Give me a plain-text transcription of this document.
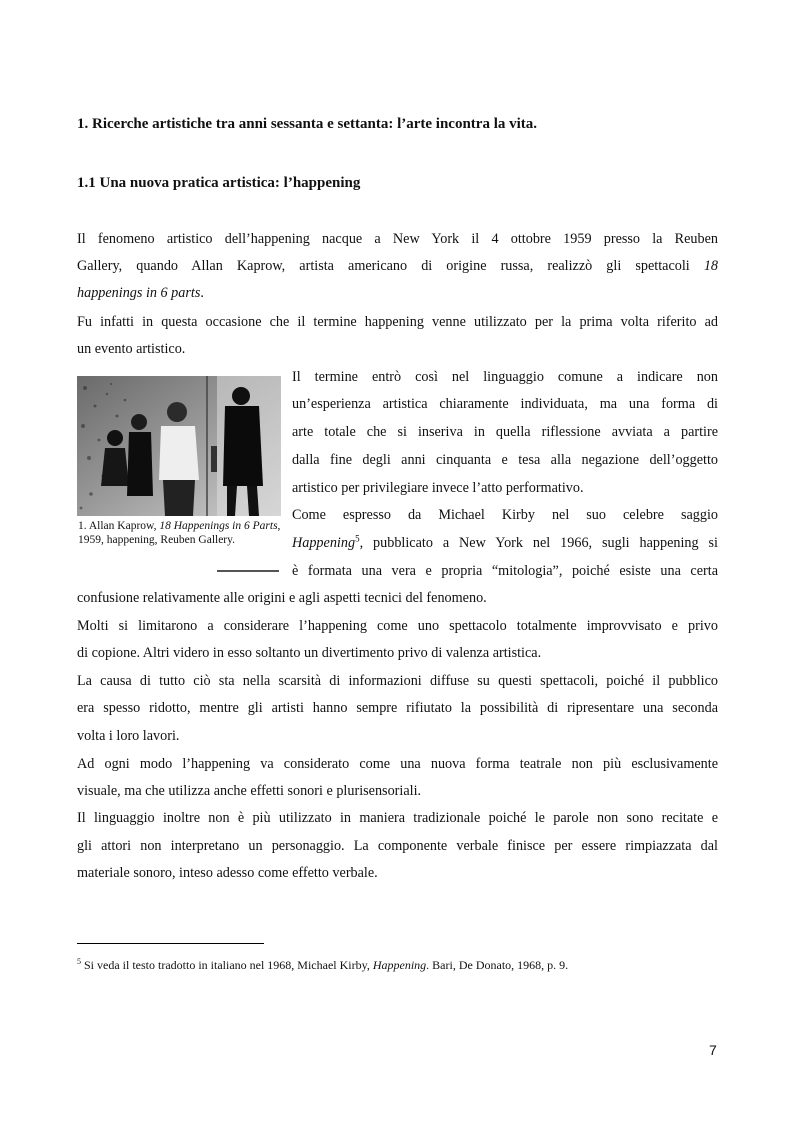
1. Ricerche artistiche tra anni sessanta e settanta: l’arte incontra la vita.
1.1 Una nuova pratica artistica: l’happening
Il fenomeno artistico dell’happening nacque a New York il 4 ottobre 1959 presso la Reuben
Gallery, quando Allan Kaprow, artista americano di origine russa, realizzò gli spettacoli 18
happenings in 6 parts.
Fu infatti in questa occasione che il termine happening venne utilizzato per la prima volta riferito ad
un evento artistico.
1. Allan Kaprow, 18 Happenings in 6 Parts, 1959, happening, Reuben Gallery.
Il termine entrò così nel linguaggio comune a indicare non
un’esperienza artistica chiaramente individuata, ma una forma di
arte totale che si inseriva in quella riflessione avviata a partire
dalla fine degli anni cinquanta e tesa alla negazione dell’oggetto
artistico per privilegiare invece l’atto performativo.
Come espresso da Michael Kirby nel suo celebre saggio
Happening$^5$, pubblicato a New York nel 1966, sugli happening si
è formata una vera e propria “mitologia”, poiché esiste una certa
confusione relativamente alle origini e agli aspetti tecnici del fenomeno.
Molti si limitarono a considerare l’happening come uno spettacolo totalmente improvvisato e privo
di copione. Altri videro in esso soltanto un divertimento privo di valenza artistica.
La causa di tutto ciò sta nella scarsità di informazioni diffuse su questi spettacoli, poiché il pubblico
era spesso ridotto, mentre gli artisti hanno sempre rifiutato la possibilità di ripresentare una seconda
volta i loro lavori.
Ad ogni modo l’happening va considerato come una nuova forma teatrale non più esclusivamente
visuale, ma che utilizza anche effetti sonori e plurisensoriali.
Il linguaggio inoltre non è più utilizzato in maniera tradizionale poiché le parole non sono recitate e
gli attori non interpretano un personaggio. La componente verbale finisce per essere rimpiazzata dal
materiale sonoro, inteso adesso come effetto verbale.
$^5$ Si veda il testo tradotto in italiano nel 1968, Michael Kirby, Happening. Bari, De Donato, 1968, p. 9.
7
